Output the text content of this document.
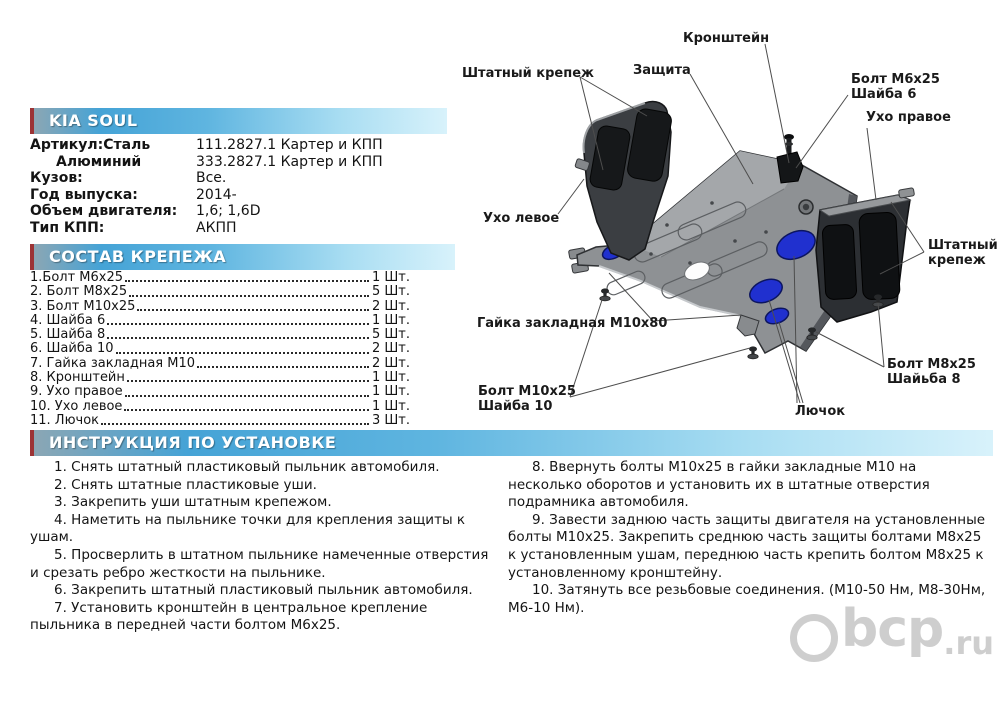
KIA SOUL
СОСТАВ КРЕПЕЖА
ИНСТРУКЦИЯ ПО УСТАНОВКЕ
Артикул:Сталь	111.2827.1 Картер и КПП
Алюминий	333.2827.1 Картер и КПП
Кузов:	Все.
Год выпуска:	2014-
Объем двигателя:	1,6; 1,6D
Тип КПП:	АКПП
1.Болт М6х25	1 Шт.
2. Болт М8х25	5 Шт.
3. Болт М10х25	2 Шт.
4. Шайба 6	1 Шт.
5. Шайба 8	5 Шт.
6. Шайба 10	2 Шт.
7. Гайка закладная М10	2 Шт.
8. Кронштейн	1 Шт.
9. Ухо правое	1 Шт.
10. Ухо левое	1 Шт.
11. Лючок	3 Шт.

1. Снять штатный пластиковый пыльник автомобиля.

2. Снять штатные пластиковые уши.

3. Закрепить уши штатным крепежом.

4. Наметить на пыльнике точки для крепления защиты к ушам.

5. Просверлить в штатном пыльнике намеченные отверстия и срезать ребро жесткости на пыльнике.

6. Закрепить штатный пластиковый пыльник автомобиля.

7. Установить кронштейн в центральное крепление пыльника в передней части болтом М6х25.

8. Ввернуть болты М10х25 в гайки закладные М10 на несколько оборотов и установить их в штатные отверстия подрамника автомобиля.

9. Завести заднюю часть защиты двигателя на установленные болты М10х25. Закрепить среднюю часть защиты болтами М8х25 к установленным ушам, переднюю часть крепить болтом М8х25 к установленному кронштейну.

10. Затянуть все резьбовые соединения. (М10-50 Нм, М8-30Нм, М6-10 Нм).

Штатный крепеж	Защита
Кронштейн
Болт М6х25
Шайба 6
Ухо правое
Ухо левое
Штатный
крепеж
Гайка закладная М10х80
Болт М10х25
Шайба 10
Болт М8х25
Шайьба 8
Лючок
bcp .ru
